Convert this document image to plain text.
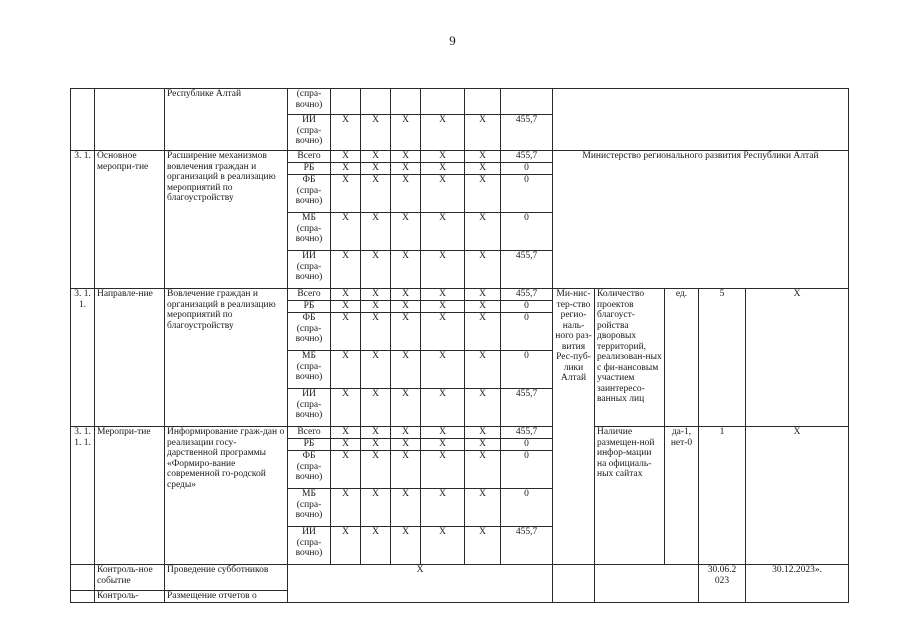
9
		Республике Алтай	(спра-вочно)											
			ИИ (спра-вочно)	X	X	X	X	X	455,7					
3. 1.	Основное меропри-тие	Расширение механизмов вовлечения граждан и организаций в реализацию мероприятий по благоустройству	Всего	X	X	X	X	X	455,7	Министерство регионального развития Республики Алтай				
			РБ	X	X	X	X	X	0					
			ФБ (спра-вочно)	X	X	X	X	X	0					
			МБ (спра-вочно)	X	X	X	X	X	0					
			ИИ (спра-вочно)	X	X	X	X	X	455,7					
3. 1. 1.	Направле-ние	Вовлечение граждан и организаций в реализацию мероприятий по благоустройству	Всего	X	X	X	X	X	455,7	Ми-нис-тер-ство регио-наль-ного раз-вития Рес-пуб-лики Алтай	Количество проектов благоуст-ройства дворовых территорий, реализован-ных с фи-нансовым участием заинтересо-ванных лиц	ед.	5	X
			РБ	X	X	X	X	X	0					
			ФБ (спра-вочно)	X	X	X	X	X	0					
			МБ (спра-вочно)	X	X	X	X	X	0					
			ИИ (спра-вочно)	X	X	X	X	X	455,7					
3. 1. 1. 1.	Меропри-тие	Информирование граж-дан о реализации госу-дарственной программы «Формиро-вание современной го-родской среды»	Всего	X	X	X	X	X	455,7		Наличие размещен-ной инфор-мации на официаль-ных сайтах	да-1, нет-0	1	X
			РБ	X	X	X	X	X	0					
			ФБ (спра-вочно)	X	X	X	X	X	0					
			МБ (спра-вочно)	X	X	X	X	X	0					
			ИИ (спра-вочно)	X	X	X	X	X	455,7					
	Контроль-ное событие	Проведение субботников	X										30.06.2 023	30.12.2023».
	Контроль-	Размещение отчетов о												
